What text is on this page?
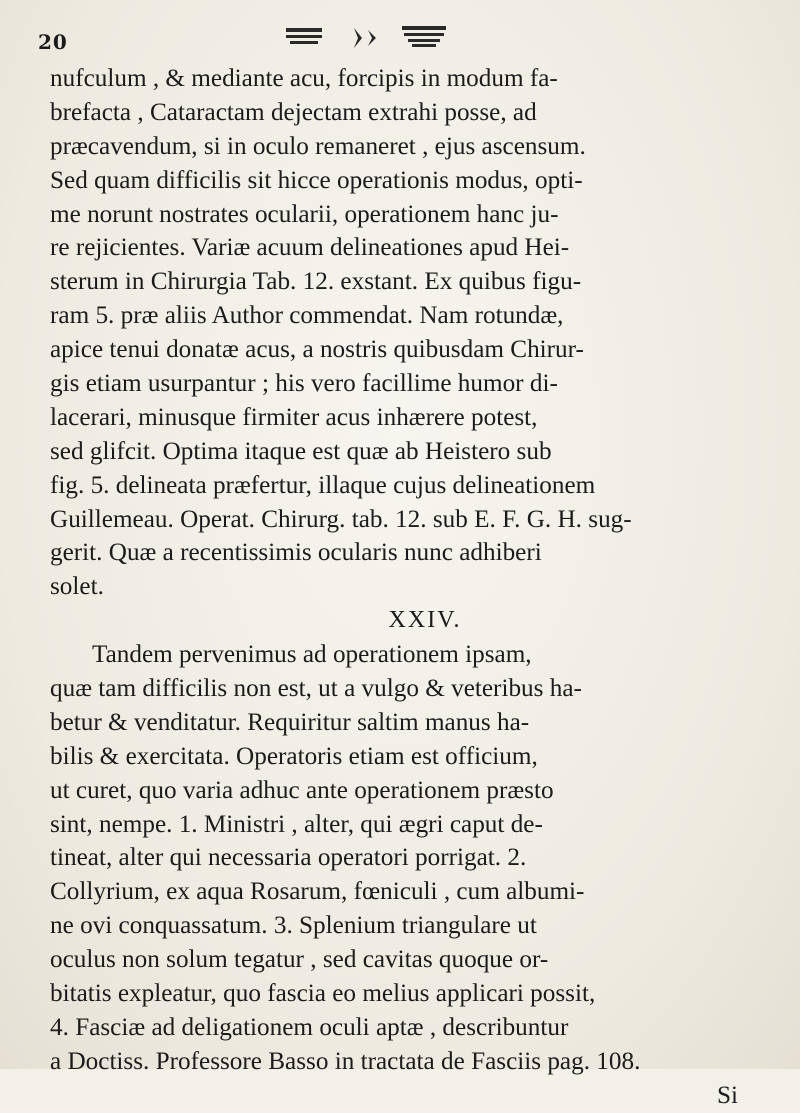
20
nufculum , & mediante acu, forcipis in modum fa-
brefacta , Cataractam dejectam extrahi posse, ad
præcavendum, si in oculo remaneret , ejus ascensum.
Sed quam difficilis sit hicce operationis modus, opti-
me norunt nostrates ocularii, operationem hanc ju-
re rejicientes. Variæ acuum delineationes apud Hei-
sterum in Chirurgia Tab. 12. exstant. Ex quibus figu-
ram 5. præ aliis Author commendat. Nam rotundæ,
apice tenui donatæ acus, a nostris quibusdam Chirur-
gis etiam usurpantur ; his vero facillime humor di-
lacerari, minusque firmiter acus inhærere potest,
sed glifcit. Optima itaque est quæ ab Heistero sub
fig. 5. delineata præfertur, illaque cujus delineationem
Guillemeau. Operat. Chirurg. tab. 12. sub E. F. G. H. sug-
gerit. Quæ a recentissimis ocularis nunc adhiberi
solet.
XXIV.
Tandem pervenimus ad operationem ipsam,
quæ tam difficilis non est, ut a vulgo & veteribus ha-
betur & venditatur. Requiritur saltim manus ha-
bilis & exercitata. Operatoris etiam est officium,
ut curet, quo varia adhuc ante operationem præsto
sint, nempe. 1. Ministri , alter, qui ægri caput de-
tineat, alter qui necessaria operatori porrigat. 2.
Collyrium, ex aqua Rosarum, fœniculi , cum albumi-
ne ovi conquassatum. 3. Splenium triangulare ut
oculus non solum tegatur , sed cavitas quoque or-
bitatis expleatur, quo fascia eo melius applicari possit,
4. Fasciæ ad deligationem oculi aptæ , describuntur
a Doctiss. Professore Basso in tractata de Fasciis pag. 108.
Si
